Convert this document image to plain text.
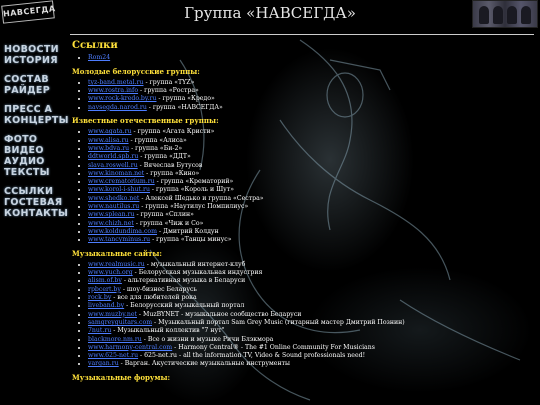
НАВСЕГДА	Группа «НАВСЕГДА»
НОВОСТИ
ИСТОРИЯ
СОСТАВ
РАЙДЕР
ПРЕСС А
КОНЦЕРТЫ
ФОТО
ВИДЕО
АУДИО
ТЕКСТЫ
ССЫЛКИ
ГОСТЕВАЯ
КОНТАКТЫ
Ссылки
• Rom24
Молодые белорусские группы:
• tyz-band.metal.ru - группа «TYZ»
• www.rostra.info - группа «Ростра»
• www.rock-kredo.by.ru - группа «Кредо»
• navsegda.narod.ru - группа «НАВСЕГДА»
Известные отечественные группы:
• www.agata.ru - группа «Агата Кристи»
• www.alisa.ru - группа «Алиса»
• www.bdva.ru - группа «Би-2»
• ddtworld.spb.ru - группа «ДДТ»
• slava.roswell.ru - Вячеслав Бутусов
• www.kinoman.net - группа «Кино»
• www.crematorium.ru - группа «Крематорий»
• www.korol-i-shut.ru - группа «Король и Шут»
• www.shedko.net - Алексей Шедько и группа «Сестра»
• www.nautilus.ru - группа «Наутилус Помпилиус»
• www.splean.ru - группа «Сплин»
• www.chizh.net - группа «Чиж и Со»
• www.koldundima.com - Дмитрий Колдун
• www.tancyminus.ru - группа «Танцы минус»
Музыкальные сайты:
• www.realmusic.ru - музыкальный интернет-клуб
• www.yuch.org - Белорусская музыкальная индустрия
• alism.of.by - альтернативная музыка в Беларуси
• rpbcert.by - шоу-бизнес Беларусь
• rock.by - все для любителей рока
• liveband.by - Белорусский музыкальный портал
• www.muzby.net - MuzBYNET - музыкальное сообщество Беларуси
• samgreyguitars.com - Музыкальный портал Sam Grey Music (гитарный мастер Дмитрий Познин)
• 7nut.ru - Музыкальный коллектив "7 нут"
• blackmore.nm.ru - Все о жизни и музыке Ричи Блэкмора
• www.harmony-central.com - Harmony Central® - The #1 Online Community For Musicians
• www.625-net.ru - 625-net.ru - all the information TV, Video & Sound professionals need!
• vargan.ru - Варган. Акустические музыкальные инструменты
Музыкальные форумы:
